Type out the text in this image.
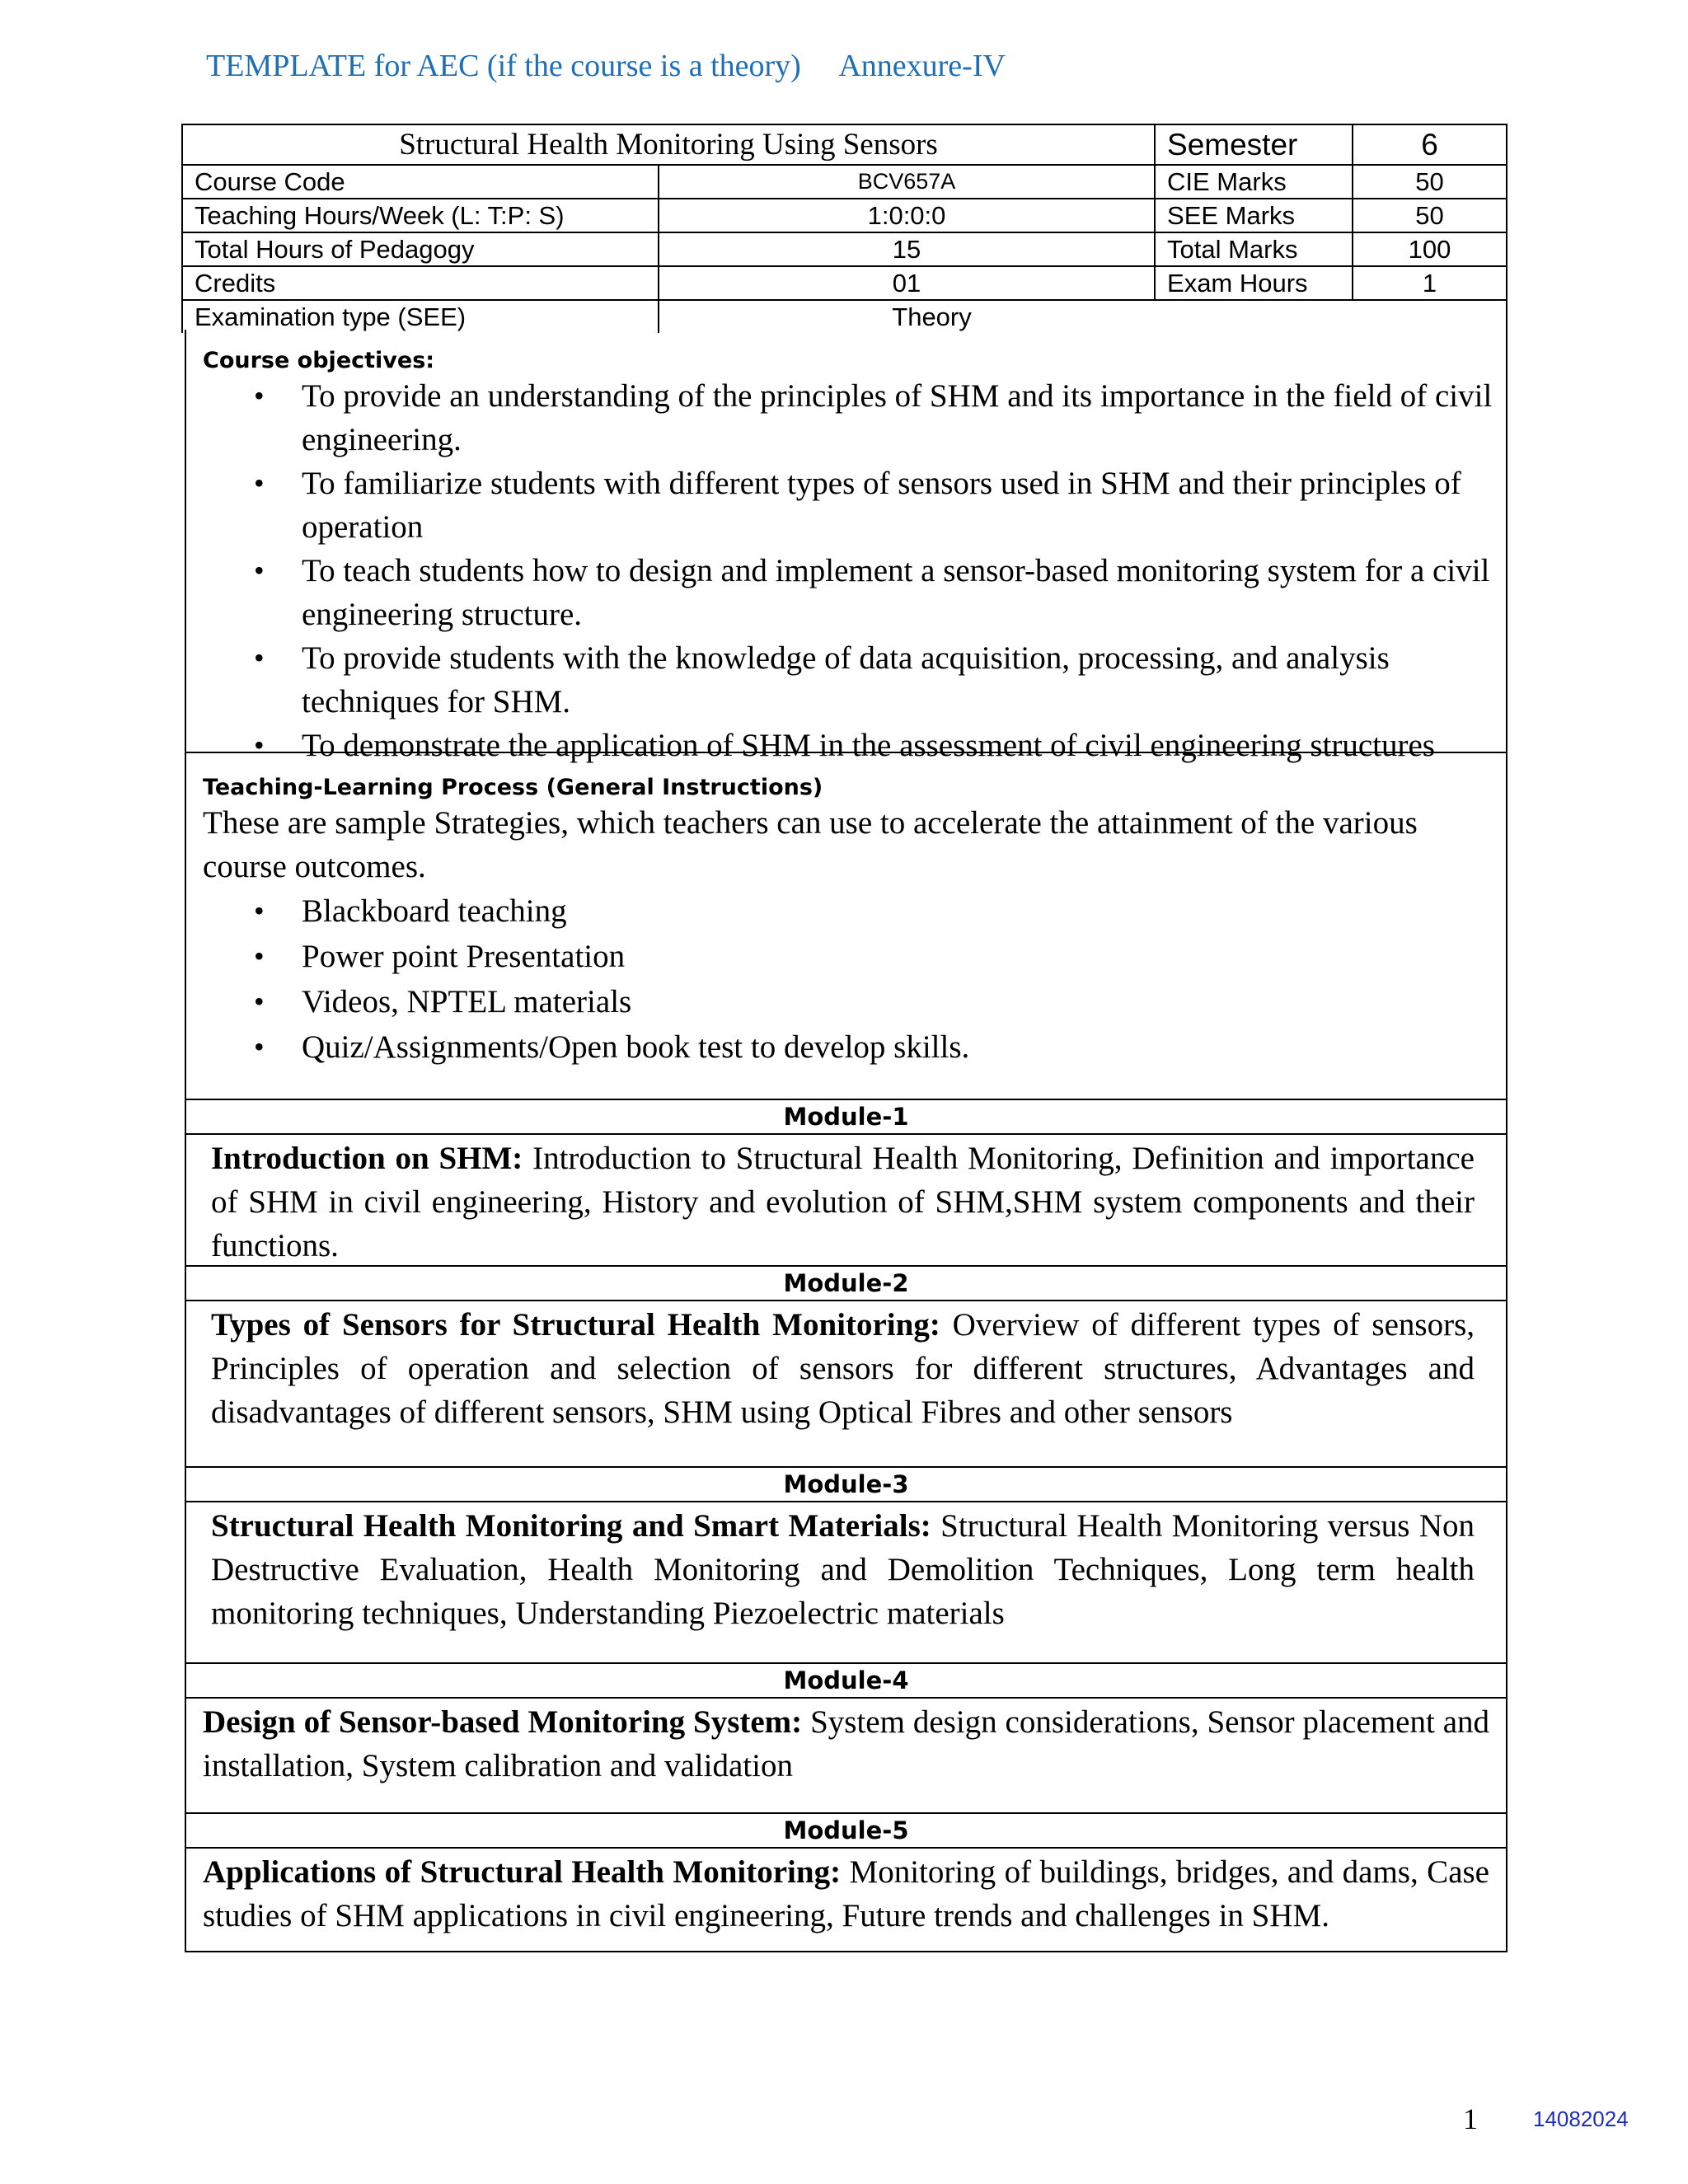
TEMPLATE for AEC (if the course is a theory) Annexure-IV
Structural Health Monitoring Using Sensors		Semester	6
Course Code	BCV657A	CIE Marks	50
Teaching Hours/Week (L: T:P: S)	1:0:0:0	SEE Marks	50
Total Hours of Pedagogy	15	Total Marks	100
Credits	01	Exam Hours	1
Examination type (SEE)	Theory		
Course objectives:
• To provide an understanding of the principles of SHM and its importance in the field of civil engineering.
• To familiarize students with different types of sensors used in SHM and their principles of operation
• To teach students how to design and implement a sensor-based monitoring system for a civil engineering structure.
• To provide students with the knowledge of data acquisition, processing, and analysis techniques for SHM.
• To demonstrate the application of SHM in the assessment of civil engineering structures
Teaching-Learning Process (General Instructions)

These are sample Strategies, which teachers can use to accelerate the attainment of the various course outcomes.

• Blackboard teaching
• Power point Presentation
• Videos, NPTEL materials
• Quiz/Assignments/Open book test to develop skills.
Module-1
Introduction on SHM: Introduction to Structural Health Monitoring, Definition and importance of SHM in civil engineering, History and evolution of SHM,SHM system components and their functions.
Module-2
Types of Sensors for Structural Health Monitoring: Overview of different types of sensors, Principles of operation and selection of sensors for different structures, Advantages and disadvantages of different sensors, SHM using Optical Fibres and other sensors
Module-3
Structural Health Monitoring and Smart Materials: Structural Health Monitoring versus Non Destructive Evaluation, Health Monitoring and Demolition Techniques, Long term health monitoring techniques, Understanding Piezoelectric materials
Module-4
Design of Sensor-based Monitoring System: System design considerations, Sensor placement and installation, System calibration and validation
Module-5
Applications of Structural Health Monitoring: Monitoring of buildings, bridges, and dams, Case studies of SHM applications in civil engineering, Future trends and challenges in SHM.
1	14082024
